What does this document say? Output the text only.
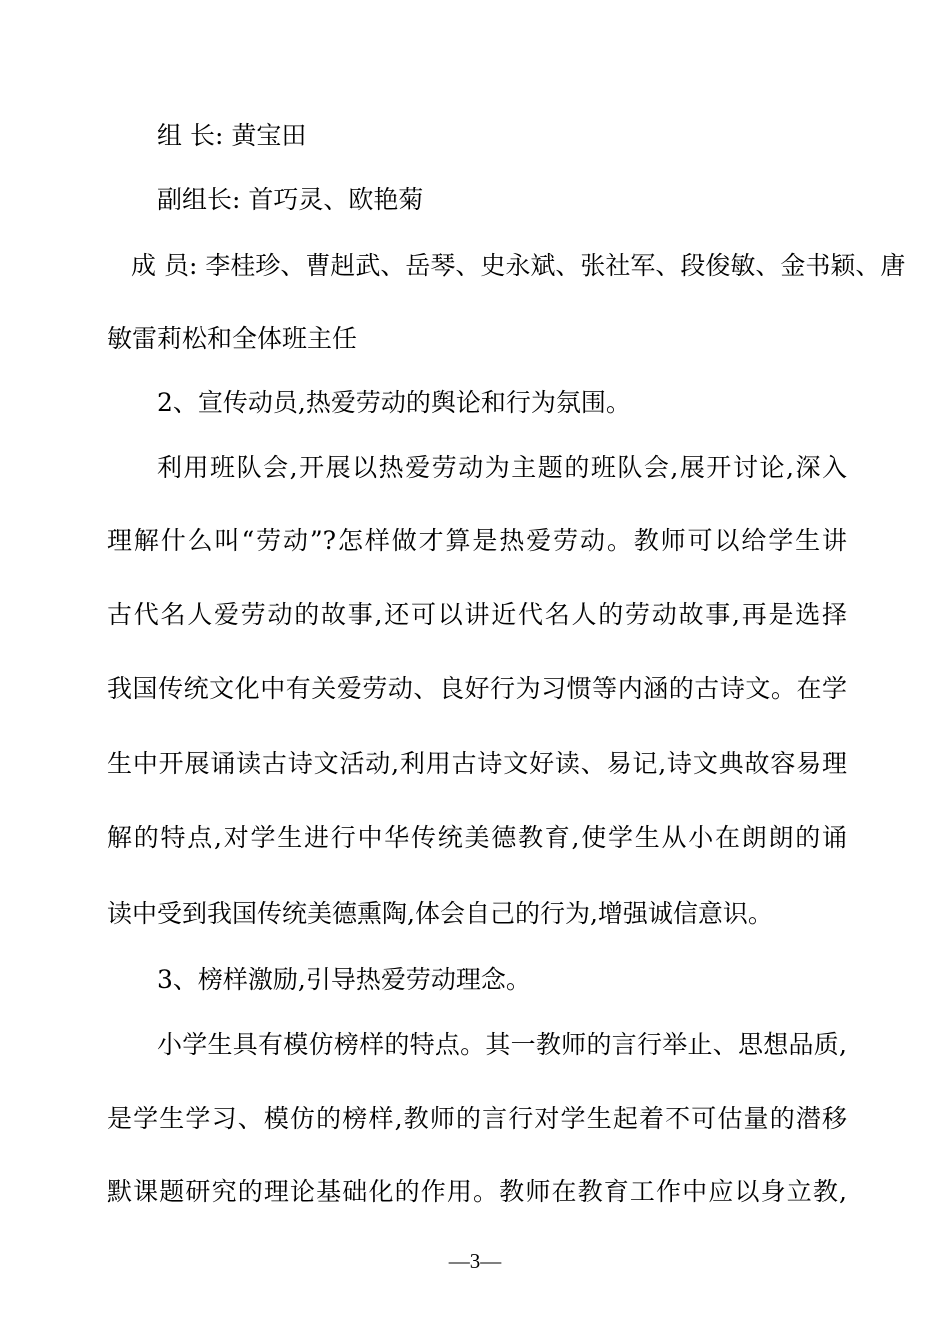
组 长: 黄宝田
副组长: 首巧灵、欧艳菊
成 员: 李桂珍、曹赳武、岳琴、史永斌、张社军、段俊敏、金书颖、唐
敏雷莉松和全体班主任
2、宣传动员,热爱劳动的舆论和行为氛围。
利用班队会,开展以热爱劳动为主题的班队会,展开讨论,深入
理解什么叫“劳动”?怎样做才算是热爱劳动。教师可以给学生讲
古代名人爱劳动的故事,还可以讲近代名人的劳动故事,再是选择
我国传统文化中有关爱劳动、良好行为习惯等内涵的古诗文。在学
生中开展诵读古诗文活动,利用古诗文好读、易记,诗文典故容易理
解的特点,对学生进行中华传统美德教育,使学生从小在朗朗的诵
读中受到我国传统美德熏陶,体会自己的行为,增强诚信意识。
3、榜样激励,引导热爱劳动理念。
小学生具有模仿榜样的特点。其一教师的言行举止、思想品质,
是学生学习、模仿的榜样,教师的言行对学生起着不可估量的潜移
默课题研究的理论基础化的作用。教师在教育工作中应以身立教,
—3—
